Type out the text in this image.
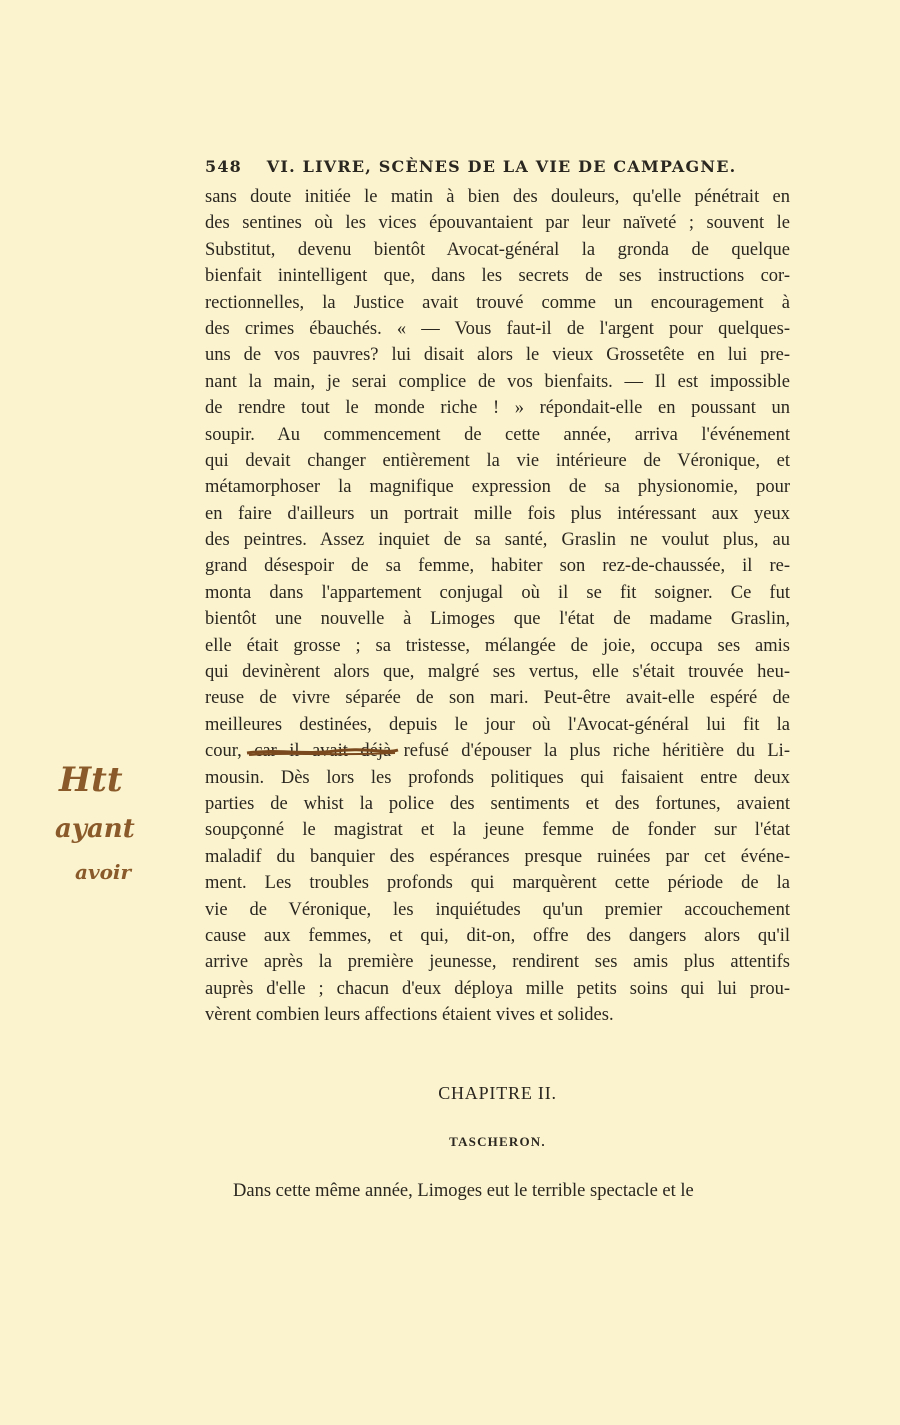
548 VI. LIVRE, SCÈNES DE LA VIE DE CAMPAGNE.
sans doute initiée le matin à bien des douleurs, qu'elle pénétrait en
des sentines où les vices épouvantaient par leur naïveté ; souvent le
Substitut, devenu bientôt Avocat-général la gronda de quelque
bienfait inintelligent que, dans les secrets de ses instructions cor-
rectionnelles, la Justice avait trouvé comme un encouragement à
des crimes ébauchés. « — Vous faut-il de l'argent pour quelques-
uns de vos pauvres? lui disait alors le vieux Grossetête en lui pre-
nant la main, je serai complice de vos bienfaits. — Il est impossible
de rendre tout le monde riche ! » répondait-elle en poussant un
soupir. Au commencement de cette année, arriva l'événement
qui devait changer entièrement la vie intérieure de Véronique, et
métamorphoser la magnifique expression de sa physionomie, pour
en faire d'ailleurs un portrait mille fois plus intéressant aux yeux
des peintres. Assez inquiet de sa santé, Graslin ne voulut plus, au
grand désespoir de sa femme, habiter son rez-de-chaussée, il re-
monta dans l'appartement conjugal où il se fit soigner. Ce fut
bientôt une nouvelle à Limoges que l'état de madame Graslin,
elle était grosse ; sa tristesse, mélangée de joie, occupa ses amis
qui devinèrent alors que, malgré ses vertus, elle s'était trouvée heu-
reuse de vivre séparée de son mari. Peut-être avait-elle espéré de
meilleures destinées, depuis le jour où l'Avocat-général lui fit la
cour, car il avait déjà refusé d'épouser la plus riche héritière du Li-
mousin. Dès lors les profonds politiques qui faisaient entre deux
parties de whist la police des sentiments et des fortunes, avaient
soupçonné le magistrat et la jeune femme de fonder sur l'état
maladif du banquier des espérances presque ruinées par cet événe-
ment. Les troubles profonds qui marquèrent cette période de la
vie de Véronique, les inquiétudes qu'un premier accouchement
cause aux femmes, et qui, dit-on, offre des dangers alors qu'il
arrive après la première jeunesse, rendirent ses amis plus attentifs
auprès d'elle ; chacun d'eux déploya mille petits soins qui lui prou-
vèrent combien leurs affections étaient vives et solides.
CHAPITRE II.
TASCHERON.
Dans cette même année, Limoges eut le terrible spectacle et le
Htt
ayant
avoir
